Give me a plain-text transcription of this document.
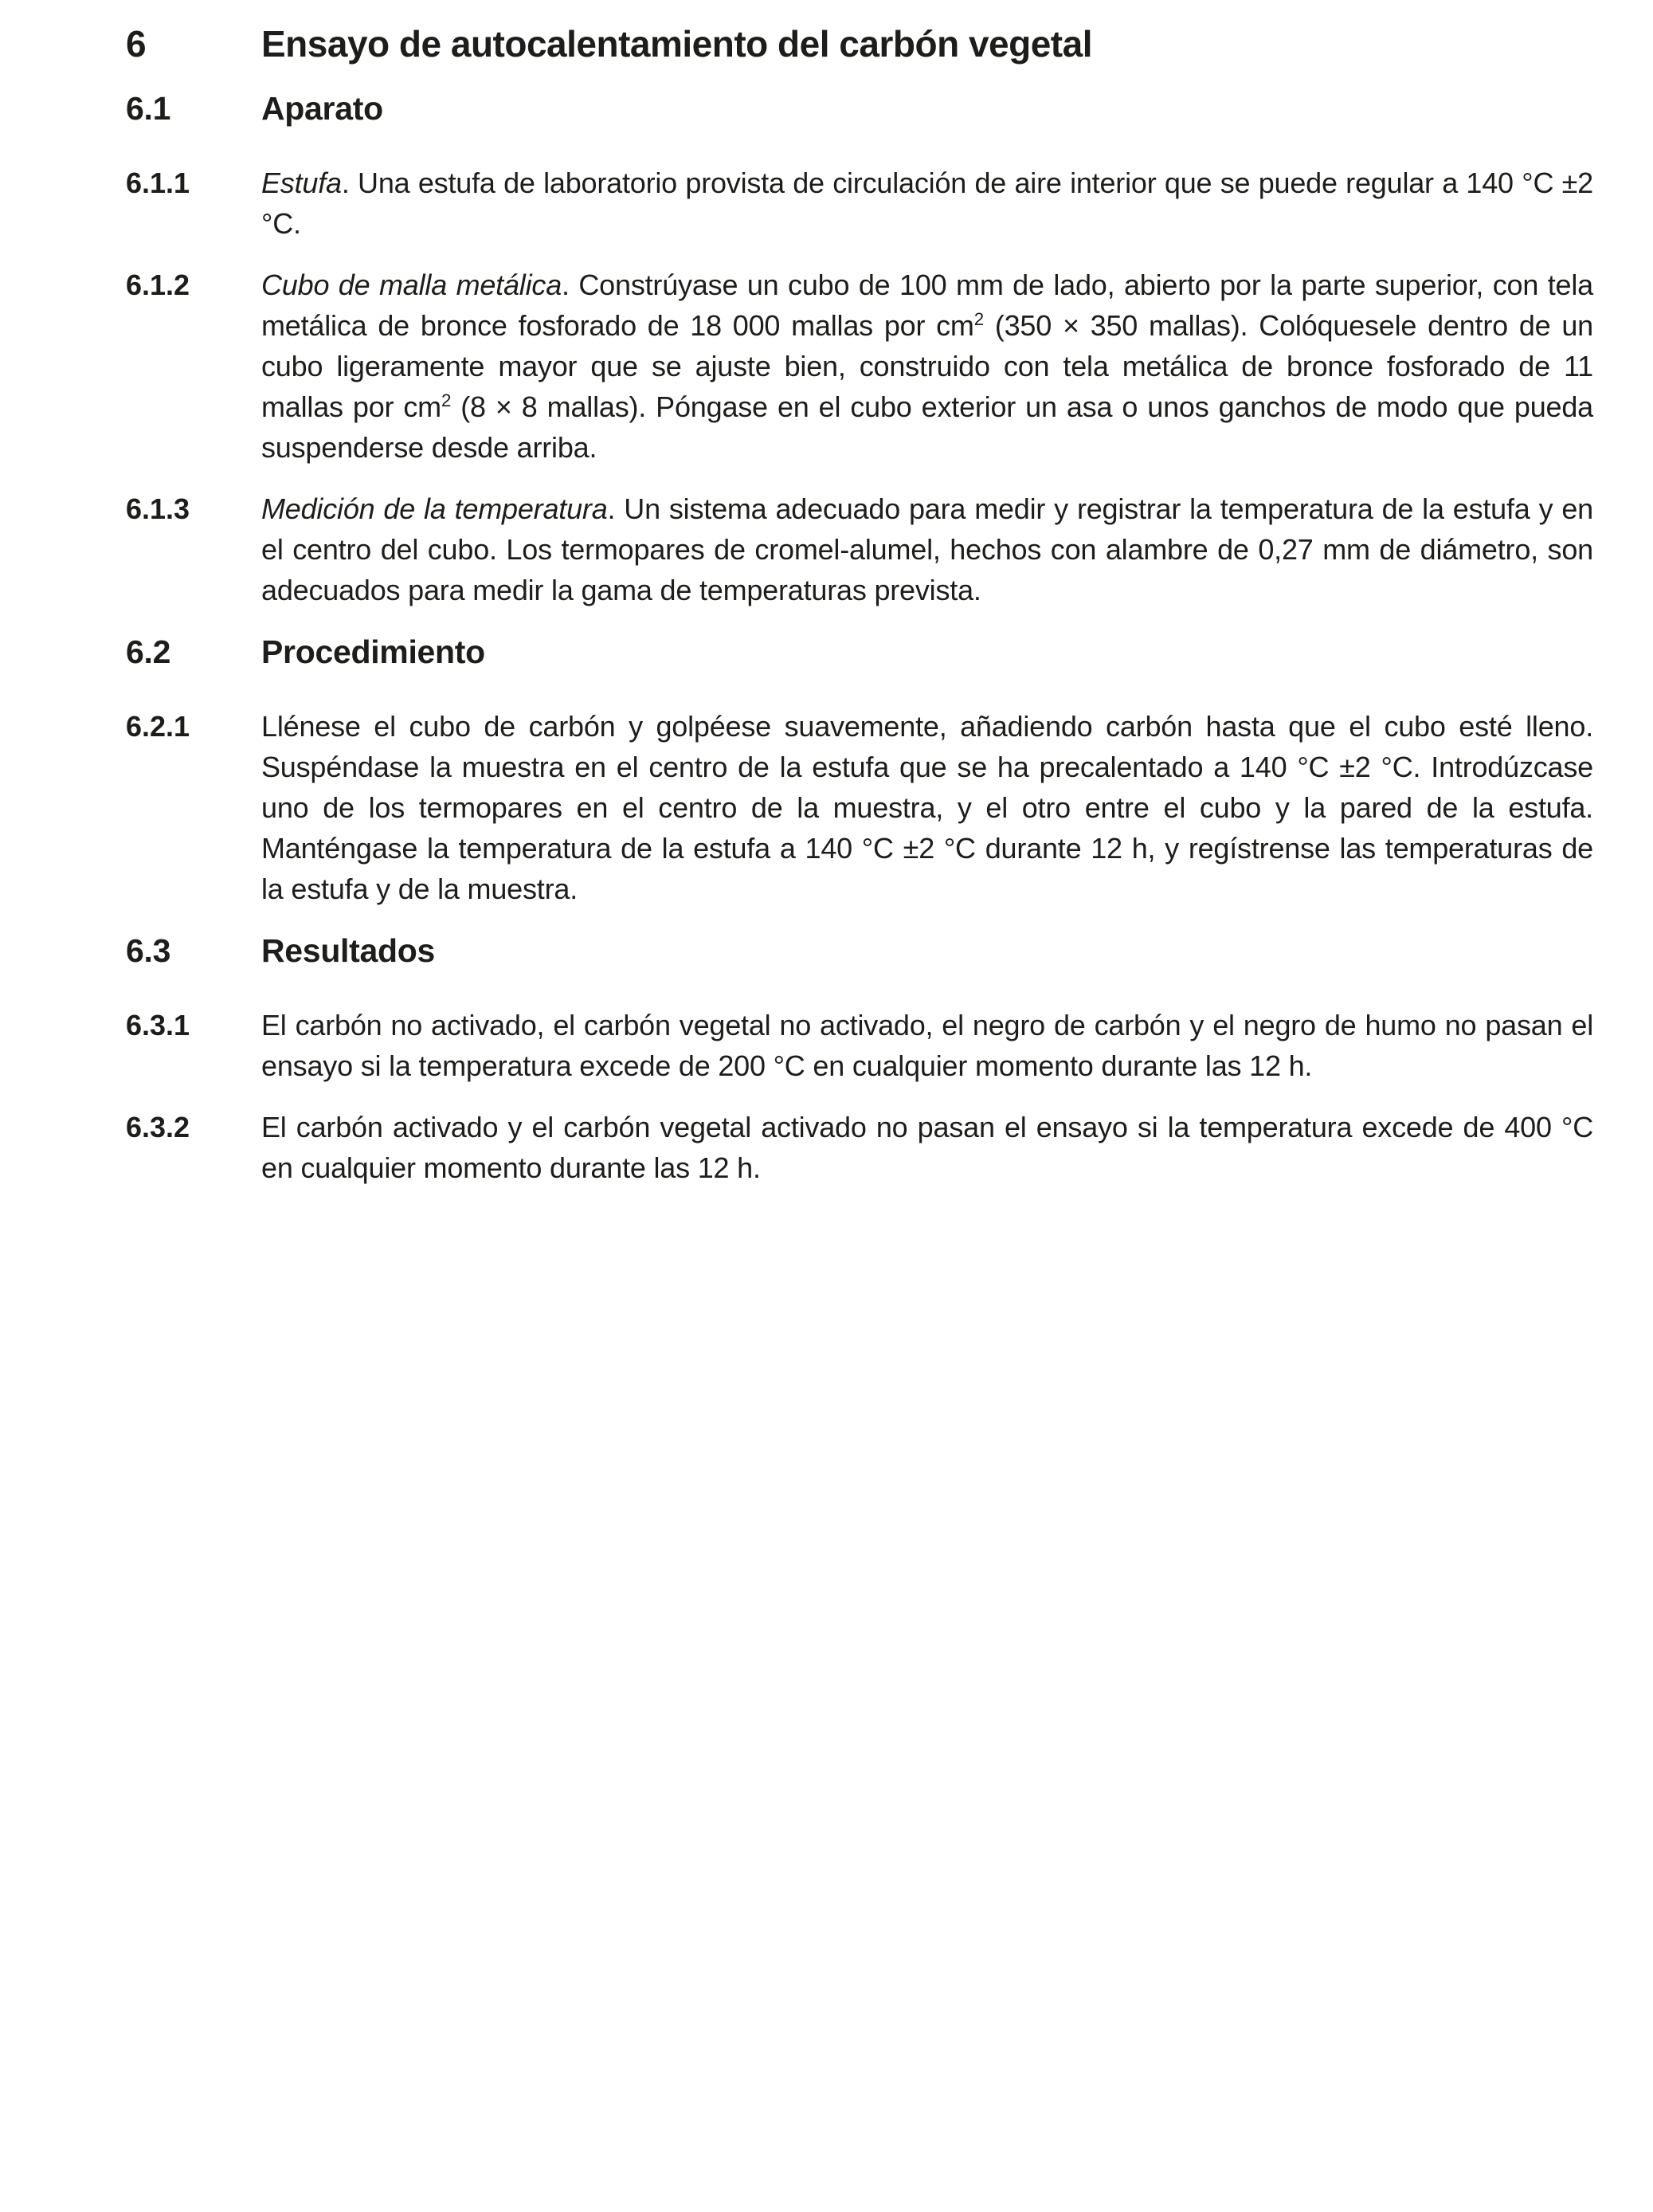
6	Ensayo de autocalentamiento del carbón vegetal
6.1	Aparato
6.1.1	Estufa. Una estufa de laboratorio provista de circulación de aire interior que se puede regular a 140 °C ±2 °C.

6.1.2	Cubo de malla metálica. Constrúyase un cubo de 100 mm de lado, abierto por la parte superior, con tela metálica de bronce fosforado de 18 000 mallas por $cm^2$ (350 × 350 mallas). Colóquesele dentro de un cubo ligeramente mayor que se ajuste bien, construido con tela metálica de bronce fosforado de 11 mallas por $cm^2$ (8 × 8 mallas). Póngase en el cubo exterior un asa o unos ganchos de modo que pueda suspenderse desde arriba.

6.1.3	Medición de la temperatura. Un sistema adecuado para medir y registrar la temperatura de la estufa y en el centro del cubo. Los termopares de cromel-alumel, hechos con alambre de 0,27 mm de diámetro, son adecuados para medir la gama de temperaturas prevista.

6.2	Procedimiento
6.2.1	Llénese el cubo de carbón y golpéese suavemente, añadiendo carbón hasta que el cubo esté lleno. Suspéndase la muestra en el centro de la estufa que se ha precalentado a 140 °C ±2 °C. Introdúzcase uno de los termopares en el centro de la muestra, y el otro entre el cubo y la pared de la estufa. Manténgase la temperatura de la estufa a 140 °C ±2 °C durante 12 h, y regístrense las temperaturas de la estufa y de la muestra.

6.3	Resultados
6.3.1	El carbón no activado, el carbón vegetal no activado, el negro de carbón y el negro de humo no pasan el ensayo si la temperatura excede de 200 °C en cualquier momento durante las 12 h.

6.3.2	El carbón activado y el carbón vegetal activado no pasan el ensayo si la temperatura excede de 400 °C en cualquier momento durante las 12 h.
